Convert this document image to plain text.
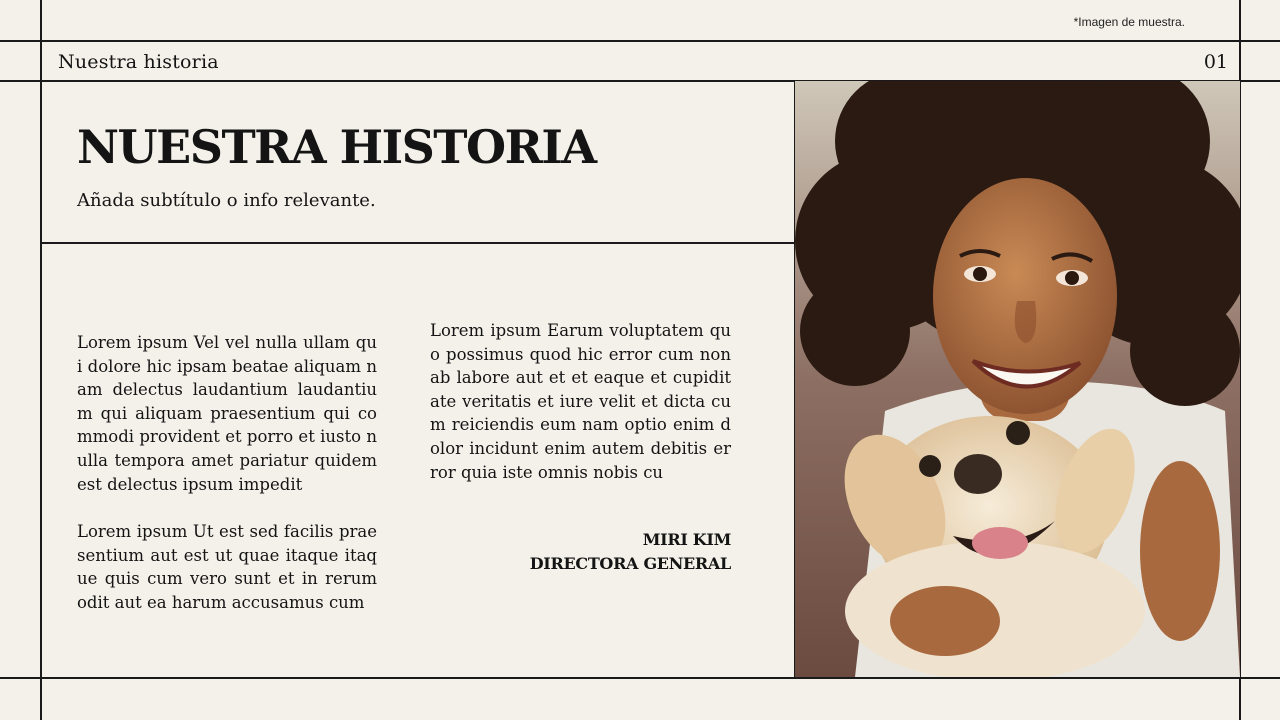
*Imagen de muestra.
Nuestra historia	01
NUESTRA HISTORIA
Añada subtítulo o info relevante.

Lorem ipsum Vel vel nulla ullam qui dolore hic ipsam beatae aliquam nam delectus laudantium laudantium qui aliquam praesentium qui commodi provident et porro et iusto nulla tempora amet pariatur quidem est delectus ipsum impedit

Lorem ipsum Ut est sed facilis praesentium aut est ut quae itaque itaque quis cum vero sunt et in rerum odit aut ea harum accusamus cum

Lorem ipsum Earum voluptatem quo possimus quod hic error cum non ab labore aut et et eaque et cupiditate veritatis et iure velit et dicta cum reiciendis eum nam optio enim dolor incidunt enim autem debitis error quia iste omnis nobis cu

MIRI KIM
DIRECTORA GENERAL
